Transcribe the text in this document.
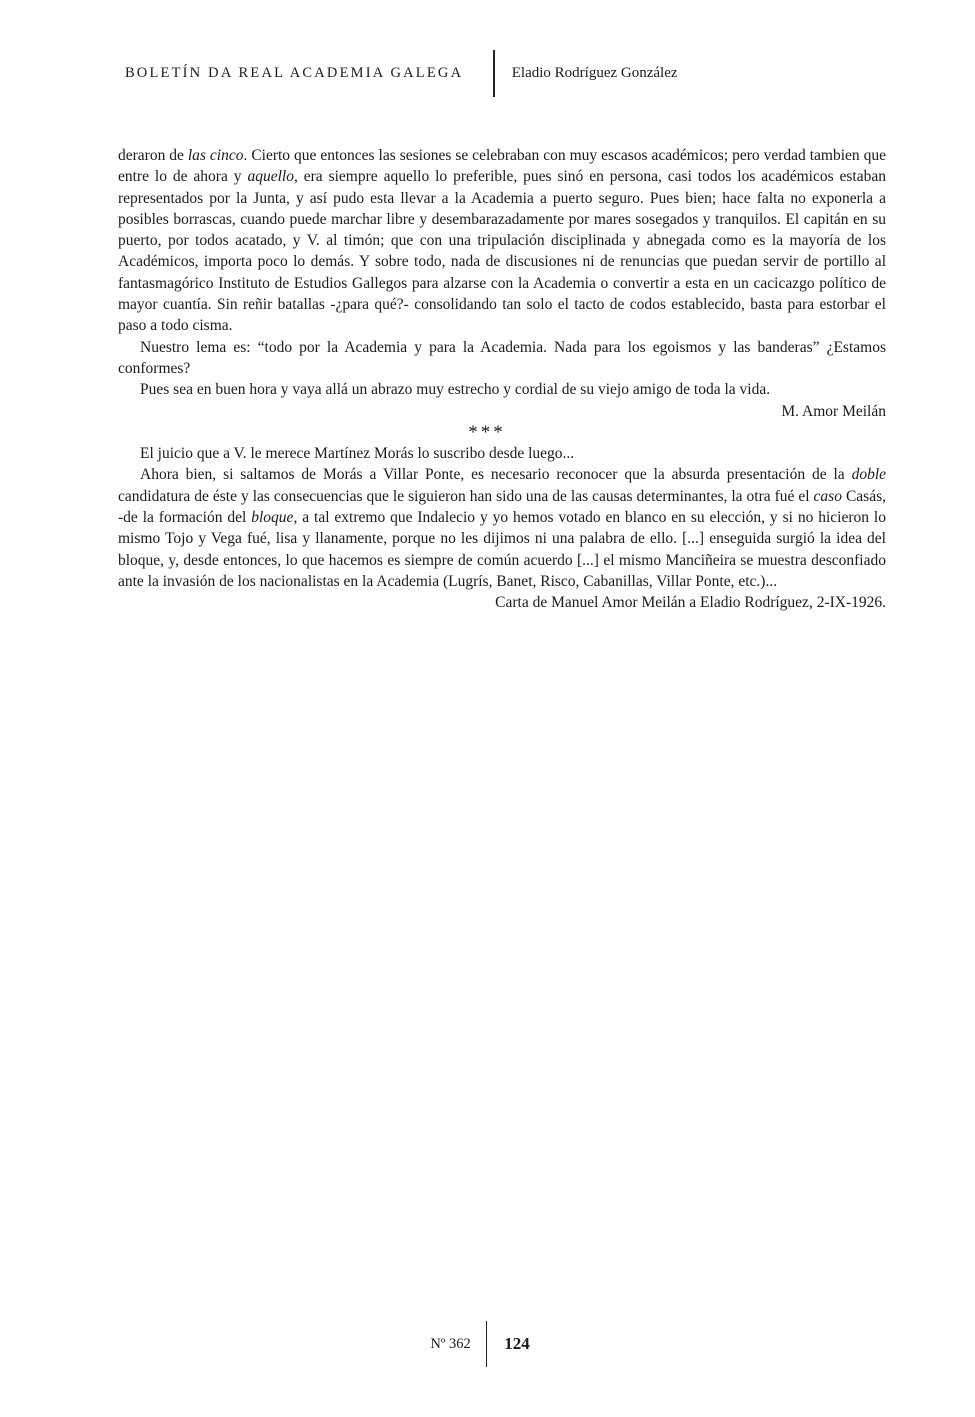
BOLETÍN DA REAL ACADEMIA GALEGA	Eladio Rodríguez González

deraron de las cinco. Cierto que entonces las sesiones se celebraban con muy escasos académicos; pero verdad tambien que entre lo de ahora y aquello, era siempre aquello lo preferible, pues sinó en persona, casi todos los académicos estaban representados por la Junta, y así pudo esta llevar a la Academia a puerto seguro. Pues bien; hace falta no exponerla a posibles borrascas, cuando puede marchar libre y desembarazadamente por mares sosegados y tranquilos. El capitán en su puerto, por todos acatado, y V. al timón; que con una tripulación disciplinada y abnegada como es la mayoría de los Académicos, importa poco lo demás. Y sobre todo, nada de discusiones ni de renuncias que puedan servir de portillo al fantasmagórico Instituto de Estudios Gallegos para alzarse con la Academia o convertir a esta en un cacicazgo político de mayor cuantía. Sin reñir batallas -¿para qué?- consolidando tan solo el tacto de codos establecido, basta para estorbar el paso a todo cisma.

Nuestro lema es: “todo por la Academia y para la Academia. Nada para los egoismos y las banderas” ¿Estamos conformes?

Pues sea en buen hora y vaya allá un abrazo muy estrecho y cordial de su viejo amigo de toda la vida.

M. Amor Meilán

***

El juicio que a V. le merece Martínez Morás lo suscribo desde luego...

Ahora bien, si saltamos de Morás a Villar Ponte, es necesario reconocer que la absurda presentación de la doble candidatura de éste y las consecuencias que le siguieron han sido una de las causas determinantes, la otra fué el caso Casás, -de la formación del bloque, a tal extremo que Indalecio y yo hemos votado en blanco en su elección, y si no hicieron lo mismo Tojo y Vega fué, lisa y llanamente, porque no les dijimos ni una palabra de ello. [...] enseguida surgió la idea del bloque, y, desde entonces, lo que hacemos es siempre de común acuerdo [...] el mismo Manciñeira se muestra desconfiado ante la invasión de los nacionalistas en la Academia (Lugrís, Banet, Risco, Cabanillas, Villar Ponte, etc.)...

Carta de Manuel Amor Meilán a Eladio Rodríguez, 2-IX-1926.

Nº 362	124
